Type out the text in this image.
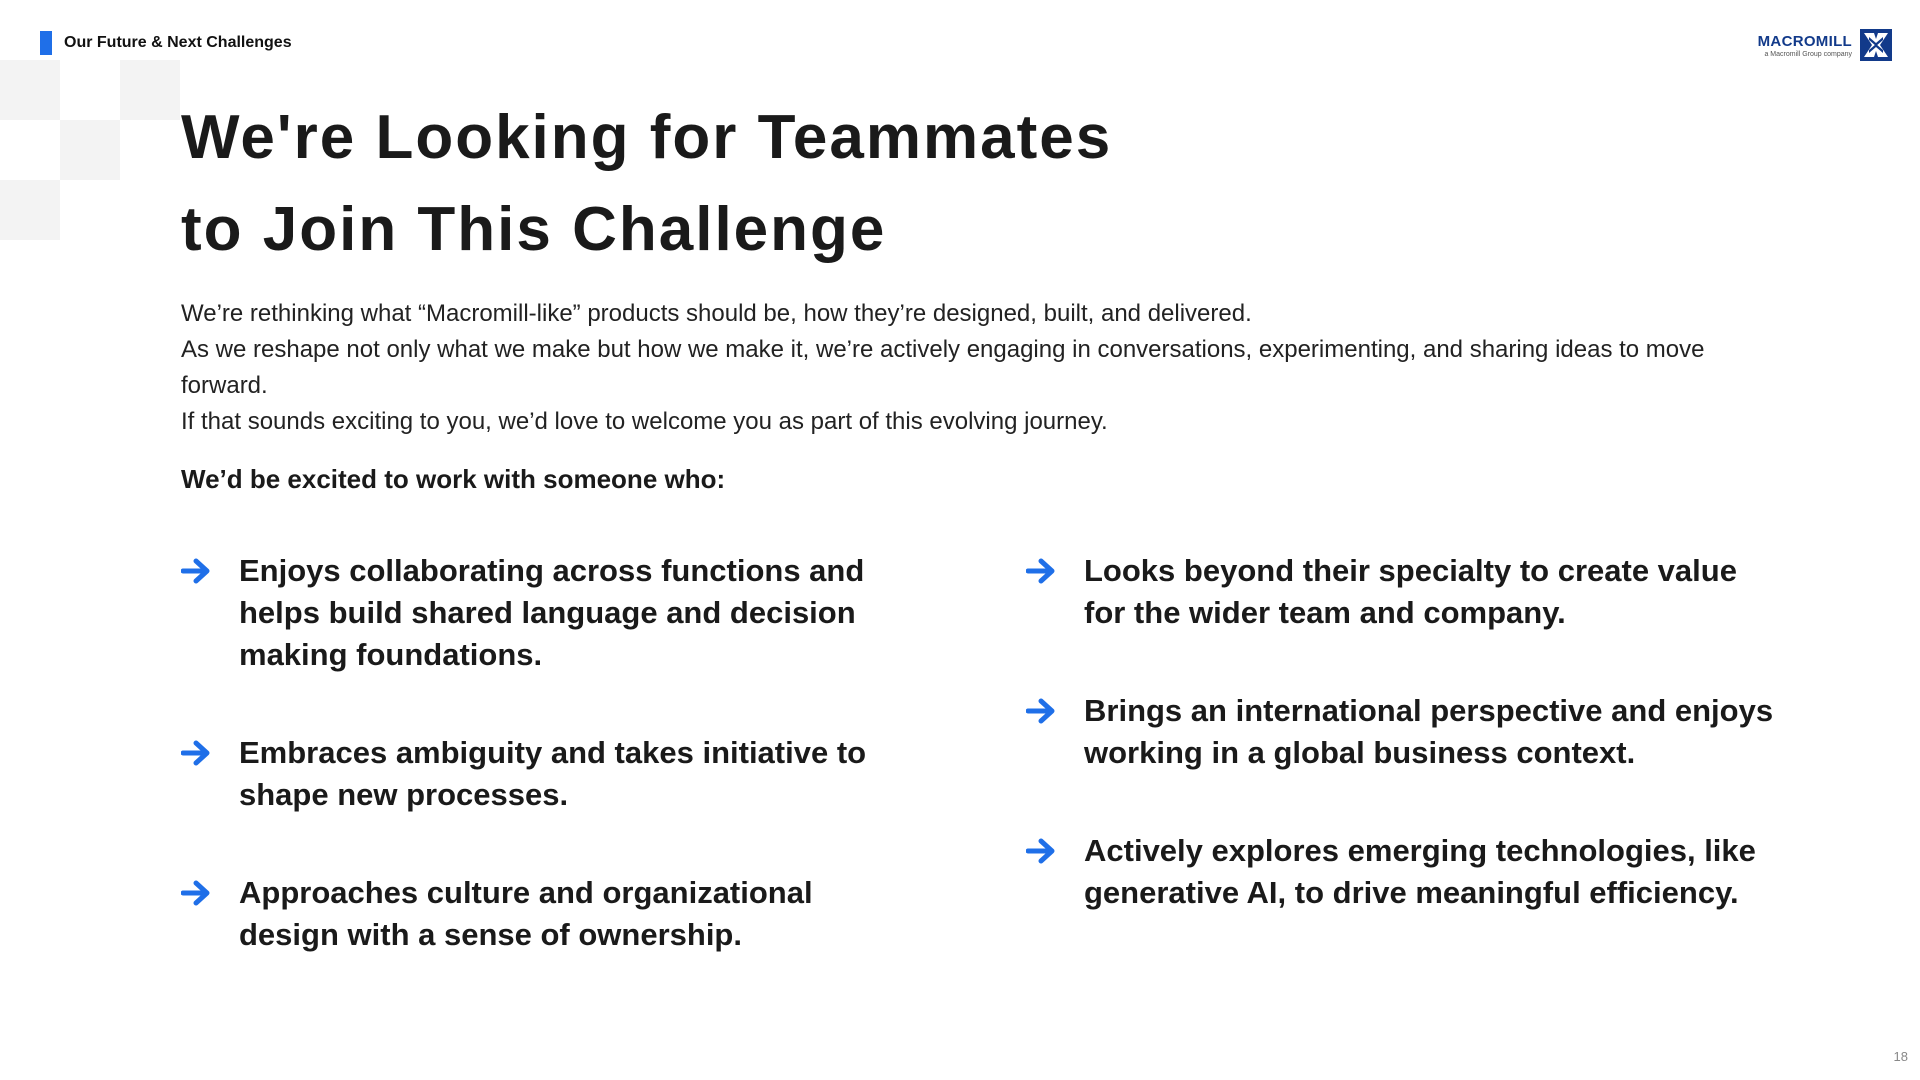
Our Future & Next Challenges	MACROMILL
a Macromill Group company
We're Looking for Teammates
to Join This Challenge

We’re rethinking what “Macromill-like” products should be, how they’re designed, built, and delivered.

As we reshape not only what we make but how we make it, we’re actively engaging in conversations, experimenting, and sharing ideas to move forward.

If that sounds exciting to you, we’d love to welcome you as part of this evolving journey.

We’d be excited to work with someone who:
Enjoys collaborating across functions and helps build shared language and decision making foundations.
Embraces ambiguity and takes initiative to shape new processes.
Approaches culture and organizational design with a sense of ownership.
Looks beyond their specialty to create value for the wider team and company.
Brings an international perspective and enjoys working in a global business context.
Actively explores emerging technologies, like generative AI, to drive meaningful efficiency.
18
